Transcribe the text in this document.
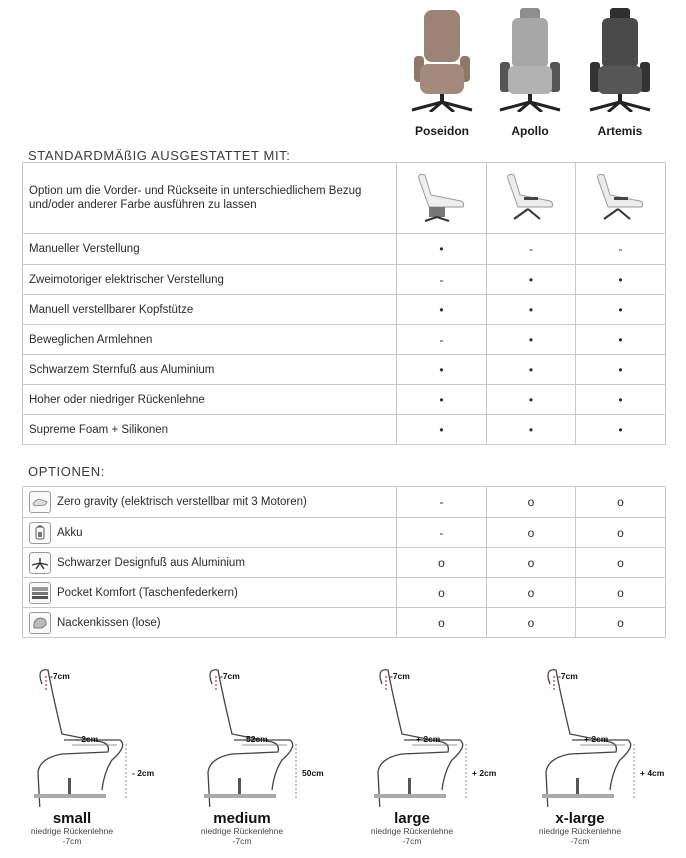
Poseidon	Apollo	Artemis
STANDARDMÄßIG AUSGESTATTET MIT:
Option um die Vorder- und Rückseite in unterschiedlichem Bezug und/oder anderer Farbe ausführen zu lassen			
Manueller Verstellung	•	-	-
Zweimotoriger elektrischer Verstellung	-	•	•
Manuell verstellbarer Kopfstütze	•	•	•
Beweglichen Armlehnen	-	•	•
Schwarzem Sternfuß aus Aluminium	•	•	•
Hoher oder niedriger Rückenlehne	•	•	•
Supreme Foam + Silikonen	•	•	•
OPTIONEN:
Zero gravity (elektrisch verstellbar mit 3 Motoren)	-	o	o

Akku	-	o	o

Schwarzer Designfuß aus Aluminium	o	o	o

Pocket Komfort (Taschenfederkern)	o	o	o

Nackenkissen (lose)	o	o	o
-7cm
- 2cm
- 2cm
small
niedrige Rückenlehne
-7cm
-7cm
52cm
50cm
medium
niedrige Rückenlehne
-7cm
-7cm
+ 2cm
+ 2cm
large
niedrige Rückenlehne
-7cm
-7cm
+ 2cm
+ 4cm
x-large
niedrige Rückenlehne
-7cm
